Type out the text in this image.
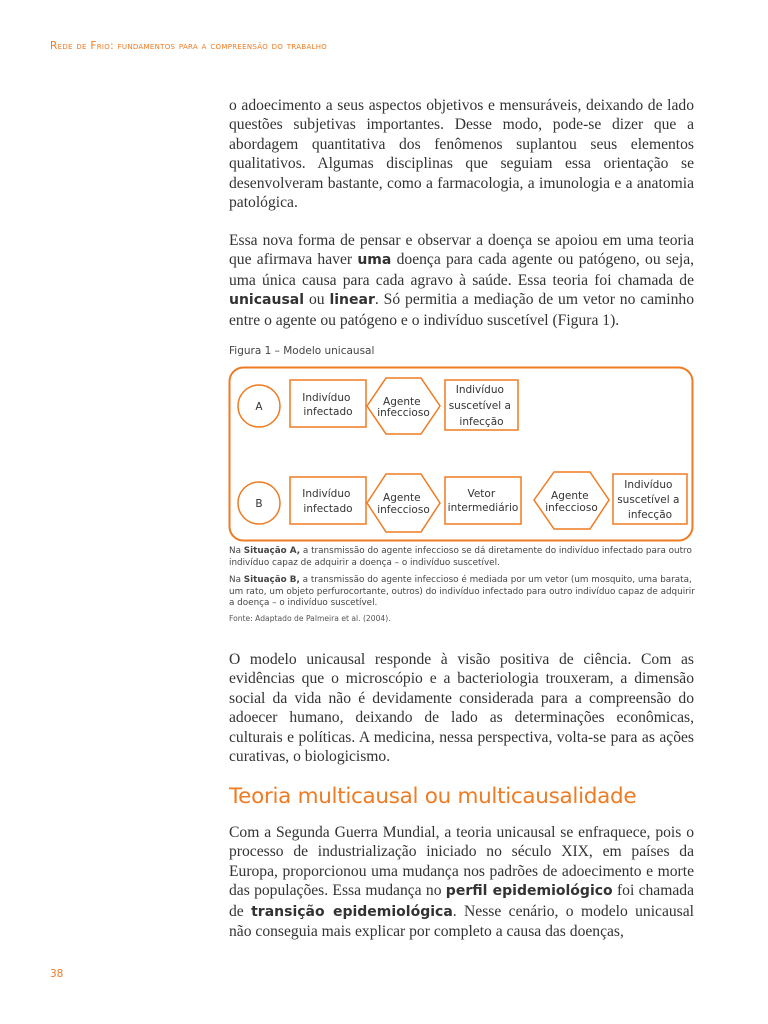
Rede de Frio: fundamentos para a compreensão do trabalho

o adoecimento a seus aspectos objetivos e mensuráveis, deixando de lado questões subjetivas importantes. Desse modo, pode-se dizer que a abordagem quantitativa dos fenômenos suplantou seus elementos qualitativos. Algumas disciplinas que seguiam essa orientação se desenvolveram bastante, como a farmacologia, a imunologia e a anatomia patológica.

Essa nova forma de pensar e observar a doença se apoiou em uma teoria que afirmava haver uma doença para cada agente ou patógeno, ou seja, uma única causa para cada agravo à saúde. Essa teoria foi chamada de unicausal ou linear. Só permitia a mediação de um vetor no caminho entre o agente ou patógeno e o indivíduo suscetível (Figura 1).

Figura 1 – Modelo unicausal
A
Indivíduo infectado
Agente infeccioso
Indivíduo suscetível a infecção
B
Indivíduo infectado
Agente infeccioso
Vetor intermediário
Agente infeccioso
Indivíduo suscetível a infecção

Na Situação A, a transmissão do agente infeccioso se dá diretamente do indivíduo infectado para outro indivíduo capaz de adquirir a doença – o indivíduo suscetível.

Na Situação B, a transmissão do agente infeccioso é mediada por um vetor (um mosquito, uma barata, um rato, um objeto perfurocortante, outros) do indivíduo infectado para outro indivíduo capaz de adquirir a doença – o indivíduo suscetível.

Fonte: Adaptado de Palmeira et al. (2004).

O modelo unicausal responde à visão positiva de ciência. Com as evidências que o microscópio e a bacteriologia trouxeram, a dimensão social da vida não é devidamente considerada para a compreensão do adoecer humano, deixando de lado as determinações econômicas, culturais e políticas. A medicina, nessa perspectiva, volta-se para as ações curativas, o biologicismo.

Teoria multicausal ou multicausalidade

Com a Segunda Guerra Mundial, a teoria unicausal se enfraquece, pois o processo de industrialização iniciado no século XIX, em países da Europa, proporcionou uma mudança nos padrões de adoecimento e morte das populações. Essa mudança no perfil epidemiológico foi chamada de transição epidemiológica. Nesse cenário, o modelo unicausal não conseguia mais explicar por completo a causa das doenças,

38
